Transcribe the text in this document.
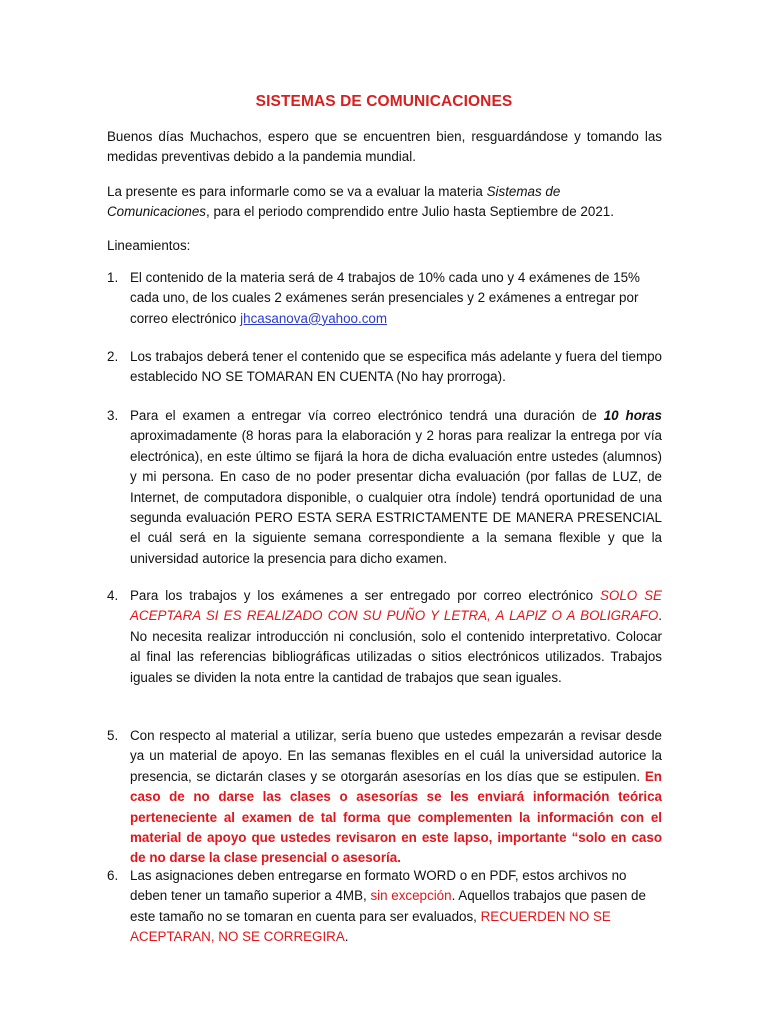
SISTEMAS DE COMUNICACIONES
Buenos días Muchachos, espero que se encuentren bien, resguardándose y tomando las medidas preventivas debido a la pandemia mundial.
La presente es para informarle como se va a evaluar la materia Sistemas de Comunicaciones, para el periodo comprendido entre Julio hasta Septiembre de 2021.
Lineamientos:
1. El contenido de la materia será de 4 trabajos de 10% cada uno y 4 exámenes de 15% cada uno, de los cuales 2 exámenes serán presenciales y 2 exámenes a entregar por correo electrónico jhcasanova@yahoo.com
2. Los trabajos deberá tener el contenido que se especifica más adelante y fuera del tiempo establecido NO SE TOMARAN EN CUENTA (No hay prorroga).
3. Para el examen a entregar vía correo electrónico tendrá una duración de 10 horas aproximadamente (8 horas para la elaboración y 2 horas para realizar la entrega por vía electrónica), en este último se fijará la hora de dicha evaluación entre ustedes (alumnos) y mi persona. En caso de no poder presentar dicha evaluación (por fallas de LUZ, de Internet, de computadora disponible, o cualquier otra índole) tendrá oportunidad de una segunda evaluación PERO ESTA SERA ESTRICTAMENTE DE MANERA PRESENCIAL el cuál será en la siguiente semana correspondiente a la semana flexible y que la universidad autorice la presencia para dicho examen.
4. Para los trabajos y los exámenes a ser entregado por correo electrónico SOLO SE ACEPTARA SI ES REALIZADO CON SU PUÑO Y LETRA, A LAPIZ O A BOLIGRAFO. No necesita realizar introducción ni conclusión, solo el contenido interpretativo. Colocar al final las referencias bibliográficas utilizadas o sitios electrónicos utilizados. Trabajos iguales se dividen la nota entre la cantidad de trabajos que sean iguales.
5. Con respecto al material a utilizar, sería bueno que ustedes empezarán a revisar desde ya un material de apoyo. En las semanas flexibles en el cuál la universidad autorice la presencia, se dictarán clases y se otorgarán asesorías en los días que se estipulen. En caso de no darse las clases o asesorías se les enviará información teórica perteneciente al examen de tal forma que complementen la información con el material de apoyo que ustedes revisaron en este lapso, importante “solo en caso de no darse la clase presencial o asesoría.
6. Las asignaciones deben entregarse en formato WORD o en PDF, estos archivos no deben tener un tamaño superior a 4MB, sin excepción. Aquellos trabajos que pasen de este tamaño no se tomaran en cuenta para ser evaluados, RECUERDEN NO SE ACEPTARAN, NO SE CORREGIRA.
